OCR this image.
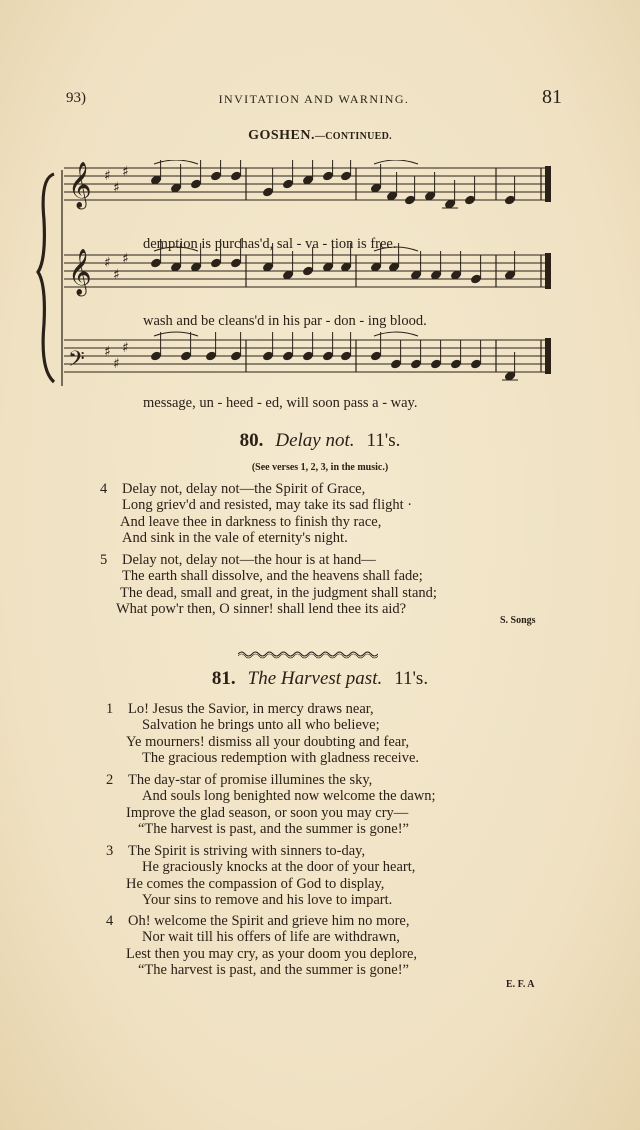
93)	INVITATION AND WARNING.	81
GOSHEN.—CONTINUED.
𝄞 ♯
♯
♯
𝄞 ♯
♯
♯
𝄢 ♯
♯
♯
demption is purchas'd, sal - va - tion is free.
wash and be cleans'd in his par - don - ing blood.
message, un - heed - ed, will soon pass a - way.
80. Delay not. 11's.
(See verses 1, 2, 3, in the music.)
4 Delay not, delay not—the Spirit of Grace,
Long griev'd and resisted, may take its sad flight ·
And leave thee in darkness to finish thy race,
And sink in the vale of eternity's night.
5 Delay not, delay not—the hour is at hand—
The earth shall dissolve, and the heavens shall fade;
The dead, small and great, in the judgment shall stand;
What pow'r then, O sinner! shall lend thee its aid?
S. Songs
81. The Harvest past. 11's.
1 Lo! Jesus the Savior, in mercy draws near,
Salvation he brings unto all who believe;
Ye mourners! dismiss all your doubting and fear,
The gracious redemption with gladness receive.
2 The day-star of promise illumines the sky,
And souls long benighted now welcome the dawn;
Improve the glad season, or soon you may cry—
“The harvest is past, and the summer is gone!”
3 The Spirit is striving with sinners to-day,
He graciously knocks at the door of your heart,
He comes the compassion of God to display,
Your sins to remove and his love to impart.
4 Oh! welcome the Spirit and grieve him no more,
Nor wait till his offers of life are withdrawn,
Lest then you may cry, as your doom you deplore,
“The harvest is past, and the summer is gone!”
E. F. A
